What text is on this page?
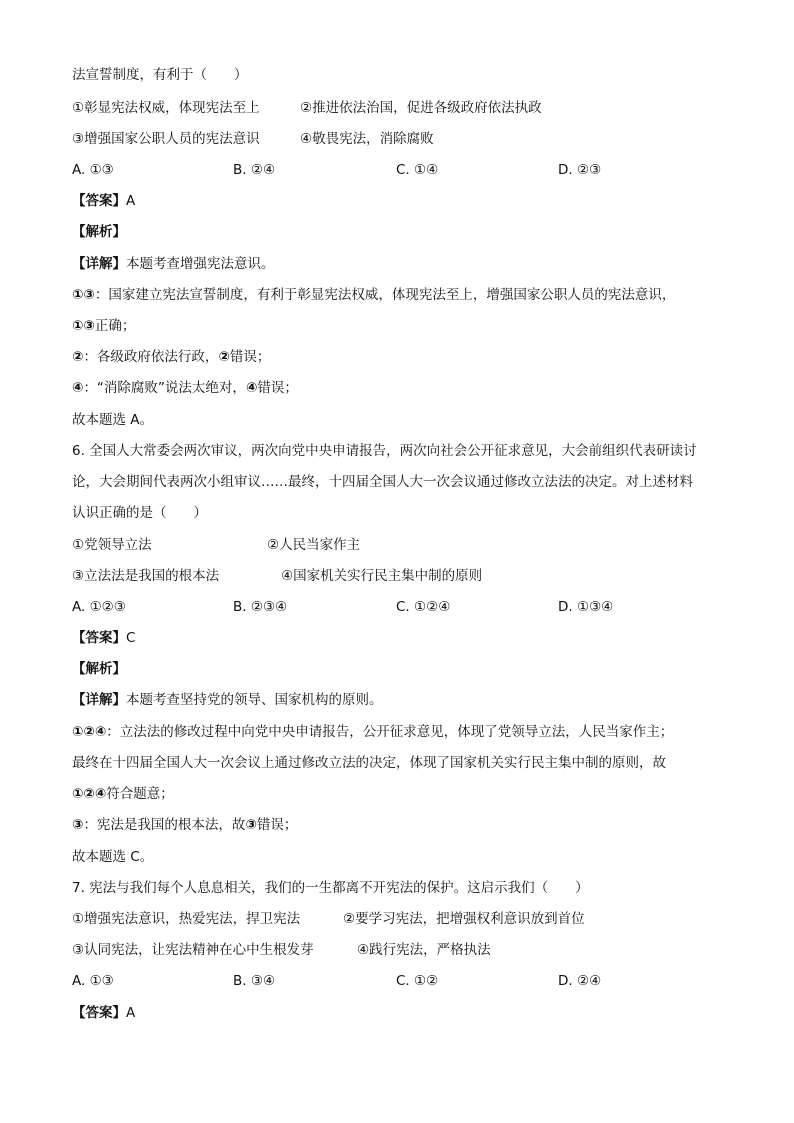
法宣誓制度，有利于（　　）
①彰显宪法权威，体现宪法至上	②推进依法治国，促进各级政府依法执政
③增强国家公职人员的宪法意识	④敬畏宪法，消除腐败
A. ①③	B. ②④	C. ①④	D. ②③
【答案】A
【解析】
【详解】本题考查增强宪法意识。
①③：国家建立宪法宣誓制度，有利于彰显宪法权威，体现宪法至上，增强国家公职人员的宪法意识，
①③正确；
②：各级政府依法行政，②错误；
④：“消除腐败”说法太绝对，④错误；
故本题选 A。
6. 全国人大常委会两次审议，两次向党中央申请报告，两次向社会公开征求意见，大会前组织代表研读讨
论，大会期间代表两次小组审议……最终，十四届全国人大一次会议通过修改立法法的决定。对上述材料
认识正确的是（　　）
①党领导立法	②人民当家作主
③立法法是我国的根本法	④国家机关实行民主集中制的原则
A. ①②③	B. ②③④	C. ①②④	D. ①③④
【答案】C
【解析】
【详解】本题考查坚持党的领导、国家机构的原则。
①②④：立法法的修改过程中向党中央申请报告，公开征求意见，体现了党领导立法，人民当家作主；
最终在十四届全国人大一次会议上通过修改立法的决定，体现了国家机关实行民主集中制的原则，故
①②④符合题意；
③：宪法是我国的根本法，故③错误；
故本题选 C。
7. 宪法与我们每个人息息相关，我们的一生都离不开宪法的保护。这启示我们（　　）
①增强宪法意识，热爱宪法，捍卫宪法	②要学习宪法，把增强权利意识放到首位
③认同宪法，让宪法精神在心中生根发芽	④践行宪法，严格执法
A. ①③	B. ③④	C. ①②	D. ②④
【答案】A
